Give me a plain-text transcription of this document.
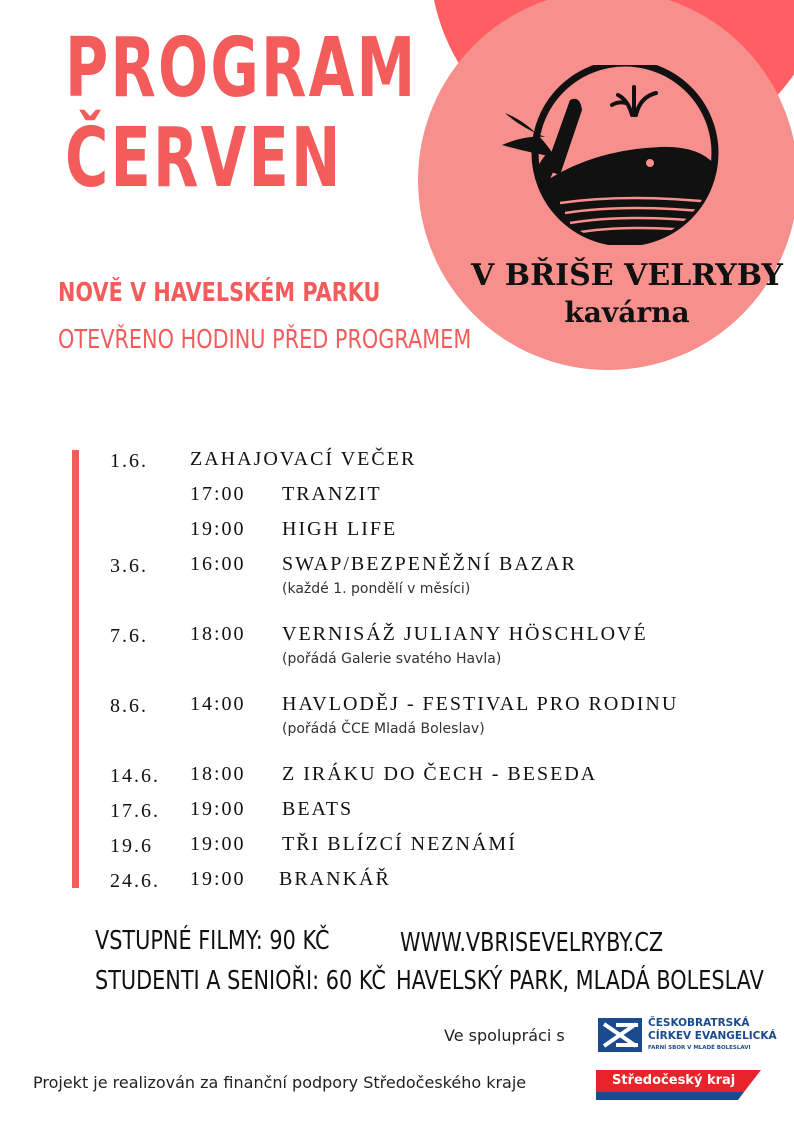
PROGRAM
ČERVEN
NOVĚ V HAVELSKÉM PARKU
OTEVŘENO HODINU PŘED PROGRAMEM
V BŘIŠE VELRYBY
kavárna
1.6. ZAHAJOVACÍ VEČER
17:00 TRANZIT
19:00 HIGH LIFE
3.6. 16:00 SWAP/BEZPENĚŽNÍ BAZAR
(každé 1. pondělí v měsíci)
7.6. 18:00 VERNISÁŽ JULIANY HÖSCHLOVÉ
(pořádá Galerie svatého Havla)
8.6. 14:00 HAVLODĚJ - FESTIVAL PRO RODINU
(pořádá ČCE Mladá Boleslav)
14.6. 18:00 Z IRÁKU DO ČECH - BESEDA
17.6. 19:00 BEATS
19.6 19:00 TŘI BLÍZCÍ NEZNÁMÍ
24.6. 19:00 BRANKÁŘ
VSTUPNÉ FILMY: 90 KČ
STUDENTI A SENIOŘI: 60 KČ
WWW.VBRISEVELRYBY.CZ
HAVELSKÝ PARK, MLADÁ BOLESLAV
Ve spolupráci s
ČESKOBRATRSKÁ
CÍRKEV EVANGELICKÁ
FARNÍ SBOR V MLADÉ BOLESLAVI
Projekt je realizován za finanční podpory Středočeského kraje	Středočeský kraj
